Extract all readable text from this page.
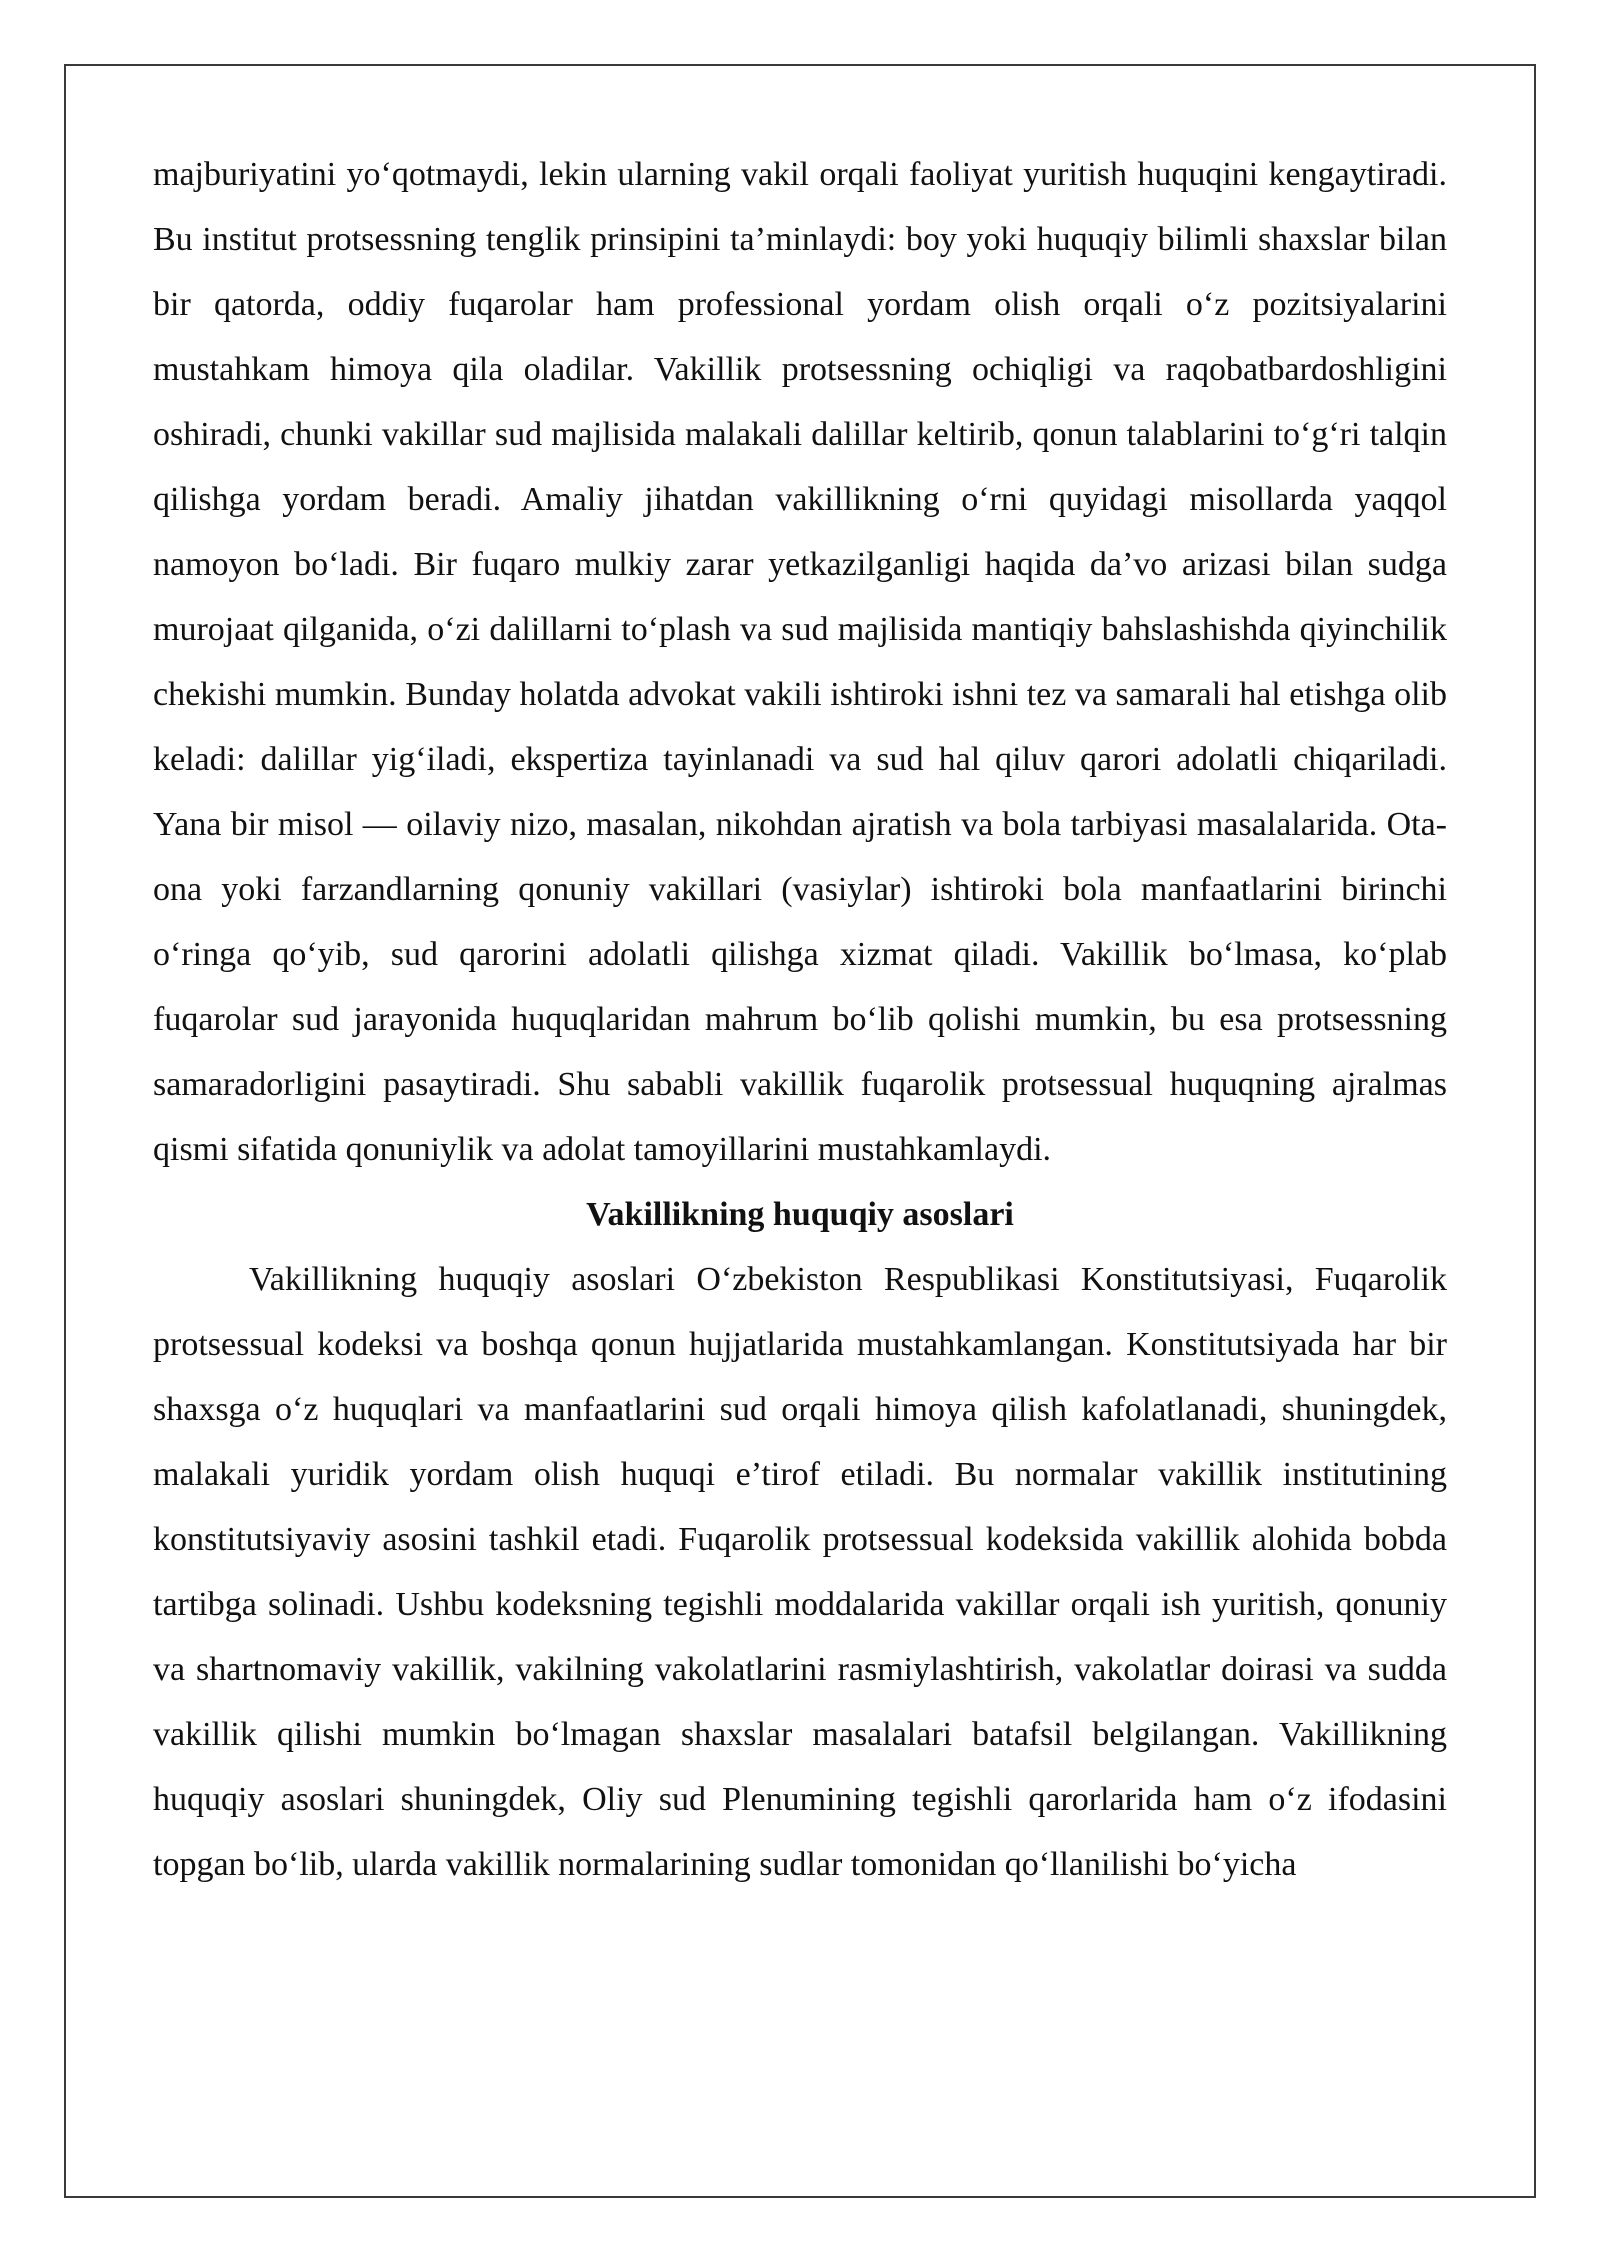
majburiyatini yo‘qotmaydi, lekin ularning vakil orqali faoliyat yuritish huquqini kengaytiradi. Bu institut protsessning tenglik prinsipini ta’minlaydi: boy yoki huquqiy bilimli shaxslar bilan bir qatorda, oddiy fuqarolar ham professional yordam olish orqali o‘z pozitsiyalarini mustahkam himoya qila oladilar. Vakillik protsessning ochiqligi va raqobatbardoshligini oshiradi, chunki vakillar sud majlisida malakali dalillar keltirib, qonun talablarini to‘g‘ri talqin qilishga yordam beradi. Amaliy jihatdan vakillikning o‘rni quyidagi misollarda yaqqol namoyon bo‘ladi. Bir fuqaro mulkiy zarar yetkazilganligi haqida da’vo arizasi bilan sudga murojaat qilganida, o‘zi dalillarni to‘plash va sud majlisida mantiqiy bahslashishda qiyinchilik chekishi mumkin. Bunday holatda advokat vakili ishtiroki ishni tez va samarali hal etishga olib keladi: dalillar yig‘iladi, ekspertiza tayinlanadi va sud hal qiluv qarori adolatli chiqariladi. Yana bir misol — oilaviy nizo, masalan, nikohdan ajratish va bola tarbiyasi masalalarida. Ota-ona yoki farzandlarning qonuniy vakillari (vasiylar) ishtiroki bola manfaatlarini birinchi o‘ringa qo‘yib, sud qarorini adolatli qilishga xizmat qiladi. Vakillik bo‘lmasa, ko‘plab fuqarolar sud jarayonida huquqlaridan mahrum bo‘lib qolishi mumkin, bu esa protsessning samaradorligini pasaytiradi. Shu sababli vakillik fuqarolik protsessual huquqning ajralmas qismi sifatida qonuniylik va adolat tamoyillarini mustahkamlaydi.

Vakillikning huquqiy asoslari

Vakillikning huquqiy asoslari O‘zbekiston Respublikasi Konstitutsiyasi, Fuqarolik protsessual kodeksi va boshqa qonun hujjatlarida mustahkamlangan. Konstitutsiyada har bir shaxsga o‘z huquqlari va manfaatlarini sud orqali himoya qilish kafolatlanadi, shuningdek, malakali yuridik yordam olish huquqi e’tirof etiladi. Bu normalar vakillik institutining konstitutsiyaviy asosini tashkil etadi. Fuqarolik protsessual kodeksida vakillik alohida bobda tartibga solinadi. Ushbu kodeksning tegishli moddalarida vakillar orqali ish yuritish, qonuniy va shartnomaviy vakillik, vakilning vakolatlarini rasmiylashtirish, vakolatlar doirasi va sudda vakillik qilishi mumkin bo‘lmagan shaxslar masalalari batafsil belgilangan. Vakillikning huquqiy asoslari shuningdek, Oliy sud Plenumining tegishli qarorlarida ham o‘z ifodasini topgan bo‘lib, ularda vakillik normalarining sudlar tomonidan qo‘llanilishi bo‘yicha
